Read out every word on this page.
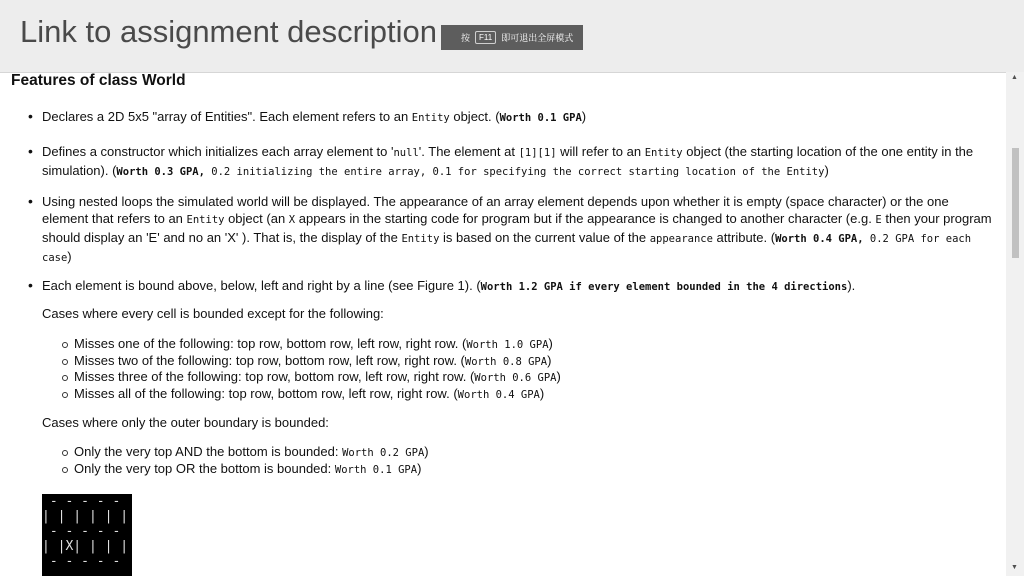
Link to assignment description	按	F11	即可退出全屏模式
Features of class World
• Declares a 2D 5x5 "array of Entities". Each element refers to an Entity object. (Worth 0.1 GPA)
• Defines a constructor which initializes each array element to 'null'. The element at [1][1] will refer to an Entity object (the starting location of the one entity in the simulation). (Worth 0.3 GPA, 0.2 initializing the entire array, 0.1 for specifying the correct starting location of the Entity)
• Using nested loops the simulated world will be displayed. The appearance of an array element depends upon whether it is empty (space character) or the one element that refers to an Entity object (an X appears in the starting code for program but if the appearance is changed to another character (e.g. E then your program should display an 'E' and no an 'X' ). That is, the display of the Entity is based on the current value of the appearance attribute. (Worth 0.4 GPA, 0.2 GPA for each case)
• Each element is bound above, below, left and right by a line (see Figure 1). (Worth 1.2 GPA if every element bounded in the 4 directions).
Cases where every cell is bounded except for the following:
Misses one of the following: top row, bottom row, left row, right row. (Worth 1.0 GPA)
Misses two of the following: top row, bottom row, left row, right row. (Worth 0.8 GPA)
Misses three of the following: top row, bottom row, left row, right row. (Worth 0.6 GPA)
Misses all of the following: top row, bottom row, left row, right row. (Worth 0.4 GPA)
Cases where only the outer boundary is bounded:
Only the very top AND the bottom is bounded: Worth 0.2 GPA)
Only the very top OR the bottom is bounded: Worth 0.1 GPA)
- - - - -
| | | | | |
- - - - -
| |X| | | |
- - - - -
▲
▼
